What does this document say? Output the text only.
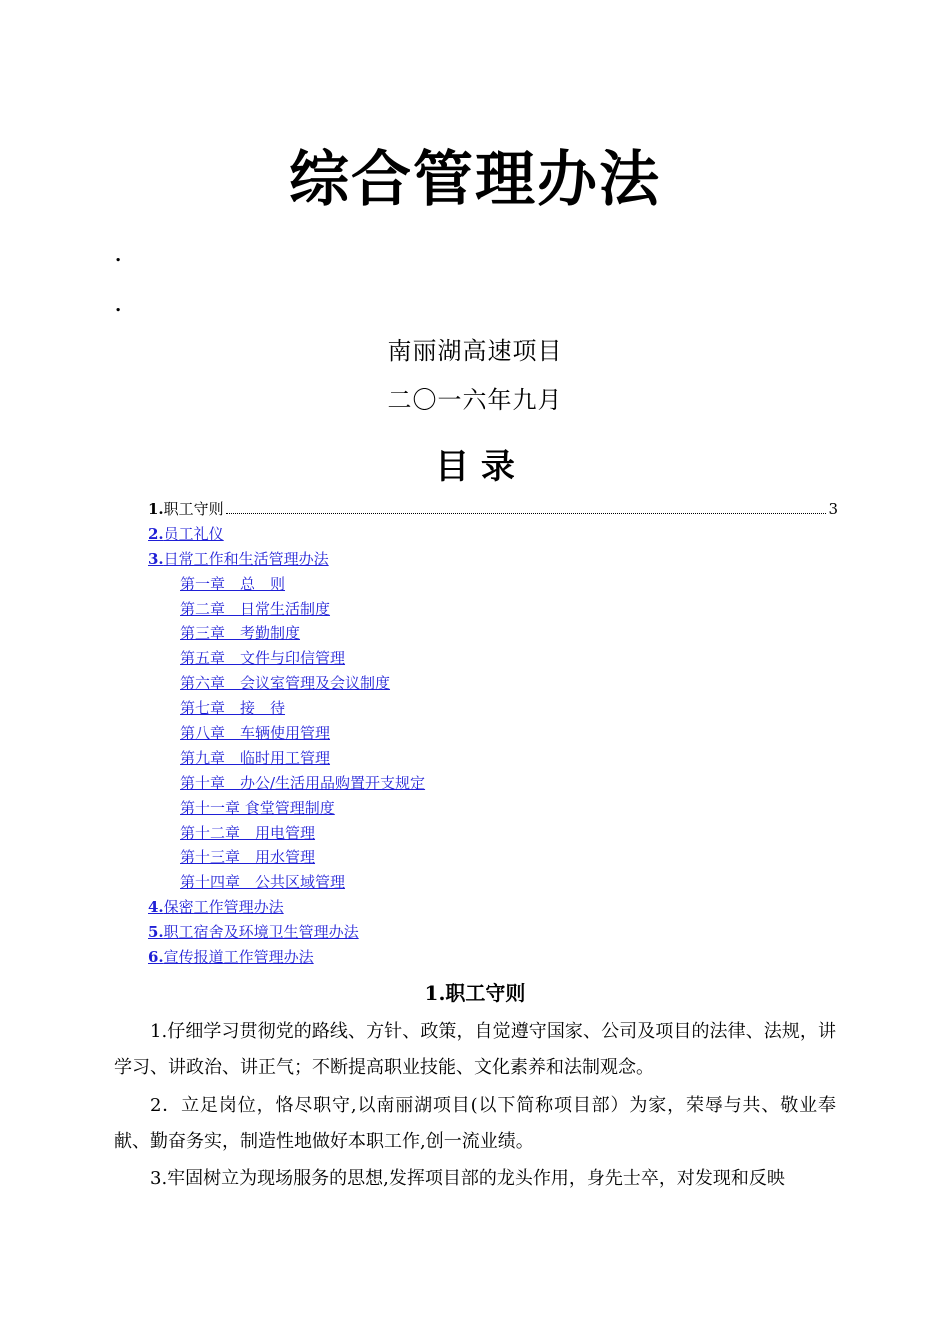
综合管理办法
.
.
南丽湖高速项目
二〇一六年九月
目 录
1. 职工守则	3
2.员工礼仪
3.日常工作和生活管理办法
第一章　总　则
第二章　日常生活制度
第三章　考勤制度
第五章　文件与印信管理
第六章　会议室管理及会议制度
第七章　接　待
第八章　车辆使用管理
第九章　临时用工管理
第十章　办公/生活用品购置开支规定
第十一章 食堂管理制度
第十二章　用电管理
第十三章　用水管理
第十四章　公共区域管理
4.保密工作管理办法
5.职工宿舍及环境卫生管理办法
6.宣传报道工作管理办法
1.职工守则
1.仔细学习贯彻党的路线、方针、政策，自觉遵守国家、公司及项目的法律、法规，讲学习、讲政治、讲正气；不断提高职业技能、文化素养和法制观念。
2．立足岗位，恪尽职守,以南丽湖项目(以下简称项目部）为家，荣辱与共、敬业奉献、勤奋务实，制造性地做好本职工作,创一流业绩。
3.牢固树立为现场服务的思想,发挥项目部的龙头作用，身先士卒，对发现和反映
